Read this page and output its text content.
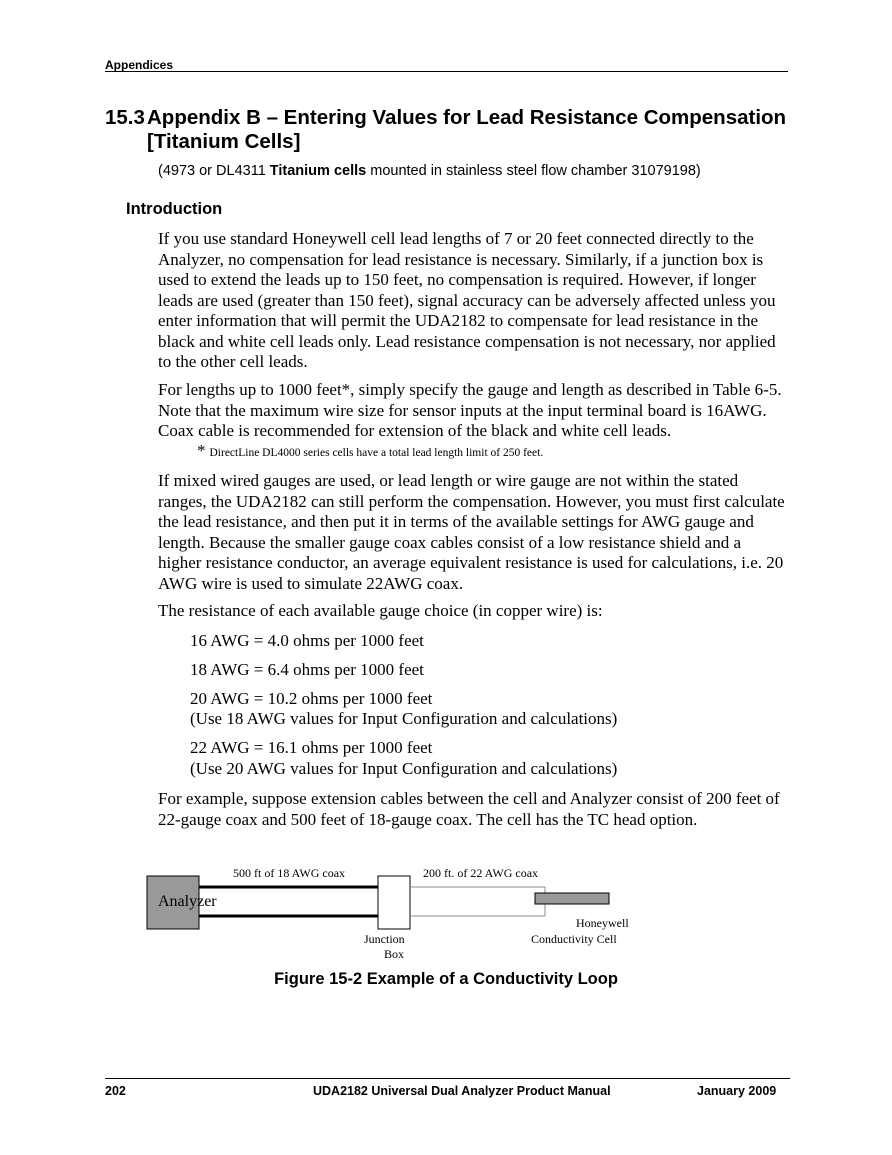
Appendices
15.3 Appendix B – Entering Values for Lead Resistance Compensation [Titanium Cells]
(4973 or DL4311 Titanium cells mounted in stainless steel flow chamber 31079198)
Introduction
If you use standard Honeywell cell lead lengths of 7 or 20 feet connected directly to the Analyzer, no compensation for lead resistance is necessary. Similarly, if a junction box is used to extend the leads up to 150 feet, no compensation is required. However, if longer leads are used (greater than 150 feet), signal accuracy can be adversely affected unless you enter information that will permit the UDA2182 to compensate for lead resistance in the black and white cell leads only. Lead resistance compensation is not necessary, nor applied to the other cell leads.
For lengths up to 1000 feet*, simply specify the gauge and length as described in Table 6-5. Note that the maximum wire size for sensor inputs at the input terminal board is 16AWG. Coax cable is recommended for extension of the black and white cell leads.
* DirectLine DL4000 series cells have a total lead length limit of 250 feet.
If mixed wired gauges are used, or lead length or wire gauge are not within the stated ranges, the UDA2182 can still perform the compensation. However, you must first calculate the lead resistance, and then put it in terms of the available settings for AWG gauge and length. Because the smaller gauge coax cables consist of a low resistance shield and a higher resistance conductor, an average equivalent resistance is used for calculations, i.e. 20 AWG wire is used to simulate 22AWG coax.
The resistance of each available gauge choice (in copper wire) is:
16 AWG = 4.0 ohms per 1000 feet
18 AWG = 6.4 ohms per 1000 feet
20 AWG = 10.2 ohms per 1000 feet
(Use 18 AWG values for Input Configuration and calculations)
22 AWG = 16.1 ohms per 1000 feet
(Use 20 AWG values for Input Configuration and calculations)
For example, suppose extension cables between the cell and Analyzer consist of 200 feet of 22-gauge coax and 500 feet of 18-gauge coax. The cell has the TC head option.
Analyzer
500 ft of 18 AWG coax	200 ft. of 22 AWG coax
Junction
Box
Honeywell
Conductivity Cell
Figure 15-2 Example of a Conductivity Loop
202	UDA2182 Universal Dual Analyzer Product Manual	January 2009
